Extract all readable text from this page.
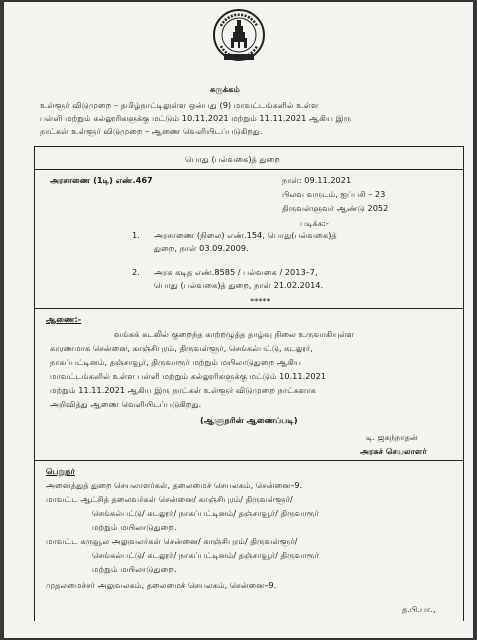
சுருக்கம்
உள்ளூர் விடுமுறை – தமிழ்நாட்டிலுள்ள ஒன்பது (9) மாவட்டங்களில் உள்ள
பள்ளி மற்றும் கல்லூரிகளுக்கு மட்டும் 10.11.2021 மற்றும் 11.11.2021 ஆகிய இரு
நாட்கள் உள்ளூர் விடுமுறை – ஆணை வெளியிடப்படுகிறது.
பொது (பல்வகை)த் துறை
அரசாணை (1டி) எண்.467	நாள்: 09.11.2021
பிலவ வருடம், ஐப்பசி – 23
திருவள்ளுவர் ஆண்டு 2052
படிக்க:-
1. அரசாணை (நிலை) எண்.154, பொது(பல்வகை)த்
துறை, நாள் 03.09.2009.
2. அரசு கடித எண்.8585 / பல்வகை / 2013–7,
பொது (பல்வகை)த் துறை, நாள் 21.02.2014.
*****
ஆணை:-
வங்கக் கடலில் குறைந்த காற்றழுத்த தாழ்வு நிலை உருவாகியுள்ள
காரணமாக சென்னை, காஞ்சிபுரம், திருவள்ளூர், செங்கல்பட்டு, கடலூர்,
நாகப்பட்டினம், தஞ்சாவூர், திருவாரூர் மற்றும் மயிலாடுதுறை ஆகிய
மாவட்டங்களில் உள்ள பள்ளி மற்றும் கல்லூரிகளுக்கு மட்டும் 10.11.2021
மற்றும் 11.11.2021 ஆகிய இரு நாட்கள் உள்ளூர் விடுமுறை நாட்களாக
அறிவித்து ஆணை வெளியிடப்படுகிறது.
(ஆளுநரின் ஆணைப்படி)
டி. ஜகந்நாதன்
அரசுச் செயலாளர்
பெறுநர்
அனைத்துத் துறை செயலாளர்கள், தலைமைச் செயலகம், சென்னை–9.
மாவட்ட ஆட்சித் தலைவர்கள் சென்னை/ காஞ்சிபுரம்/ திருவள்ளூர்/
செங்கல்பட்டு/ கடலூர்/ நாகப்பட்டினம்/ தஞ்சாவூர்/ திருவாரூர்
மற்றும் மயிலாடுதுறை.
மாவட்ட கருவூல அலுவலர்கள் சென்னை/ காஞ்சிபுரம்/ திருவள்ளூர்/
செங்கல்பட்டு/ கடலூர்/ நாகப்பட்டினம்/ தஞ்சாவூர்/ திருவாரூர்
மற்றும் மயிலாடுதுறை.
முதலமைச்சர் அலுவலகம், தலைமைச் செயலகம், சென்னை–9.
த.பி.பா.,
